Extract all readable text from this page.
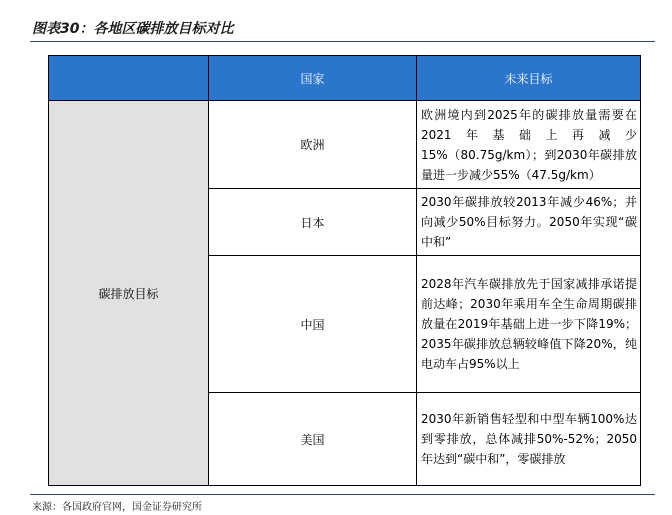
图表30：各地区碳排放目标对比
	国家	未来目标
碳排放目标	欧洲	欧洲境内到2025年的碳排放量需要在2021年基础上再减少15%（80.75g/km）；到2030年碳排放量进一步减少55%（47.5g/km）
	日本	2030年碳排放较2013年减少46%；并向减少50%目标努力。2050年实现“碳中和”
	中国	2028年汽车碳排放先于国家减排承诺提前达峰；2030年乘用车全生命周期碳排放量在2019年基础上进一步下降19%；2035年碳排放总辆较峰值下降20%，纯电动车占95%以上
	美国	2030年新销售轻型和中型车辆100%达到零排放，总体减排50%-52%；2050年达到“碳中和”，零碳排放
来源：各国政府官网，国金证券研究所
